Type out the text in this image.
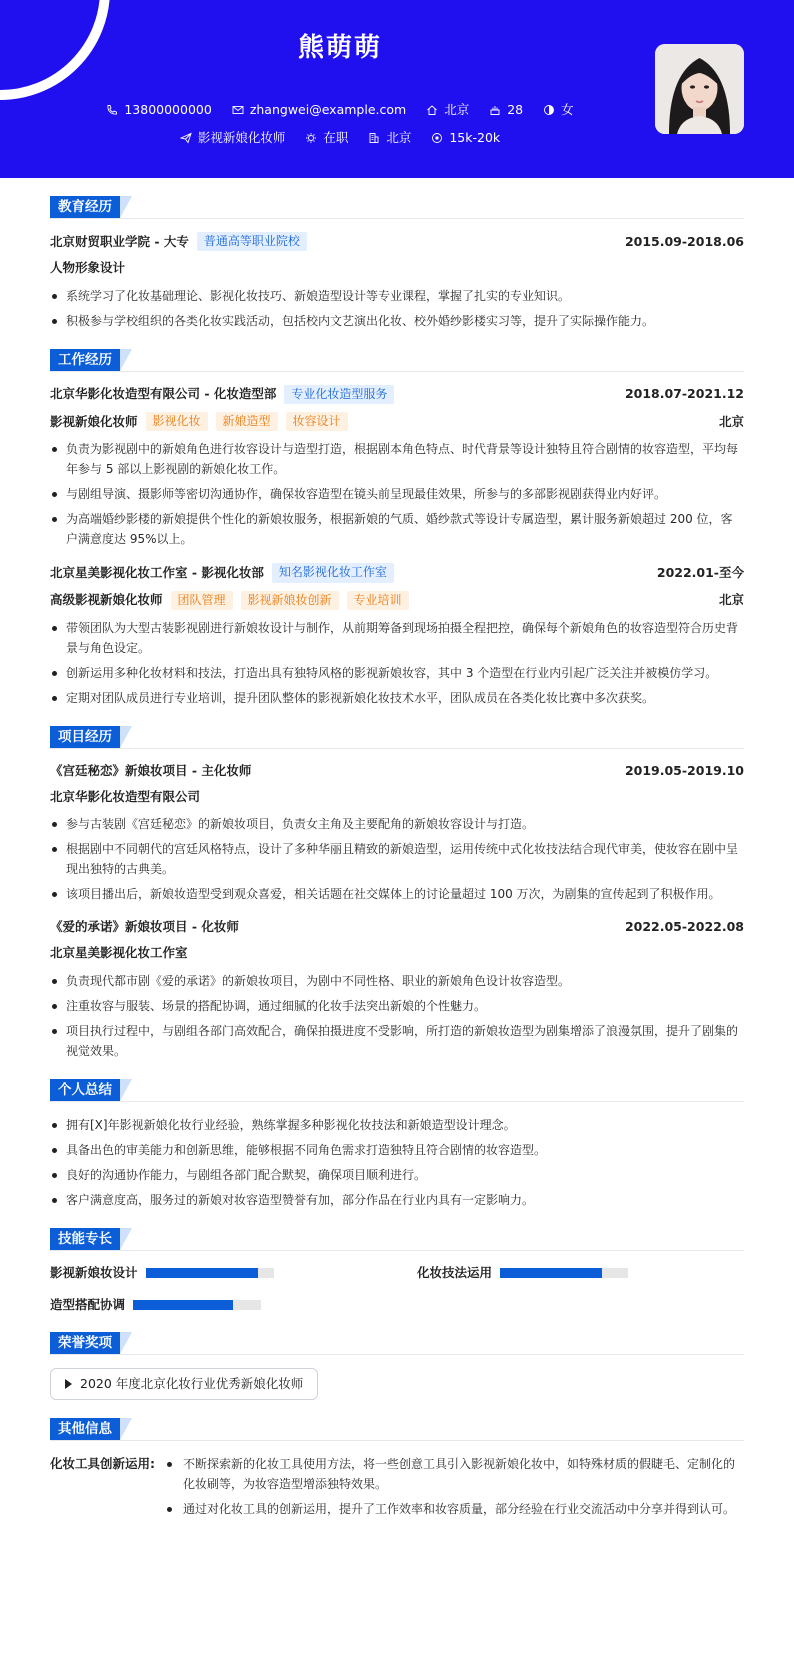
熊萌萌
13800000000	zhangwei@example.com	北京	28	女
影视新娘化妆师	在职	北京	15k-20k
教育经历
北京财贸职业学院 - 大专	普通高等职业院校	2015.09-2018.06
人物形象设计
系统学习了化妆基础理论、影视化妆技巧、新娘造型设计等专业课程，掌握了扎实的专业知识。
积极参与学校组织的各类化妆实践活动，包括校内文艺演出化妆、校外婚纱影楼实习等，提升了实际操作能力。
工作经历
北京华影化妆造型有限公司 - 化妆造型部	专业化妆造型服务	2018.07-2021.12
影视新娘化妆师	影视化妆	新娘造型	妆容设计	北京
负责为影视剧中的新娘角色进行妆容设计与造型打造，根据剧本角色特点、时代背景等设计独特且符合剧情的妆容造型，平均每年参与 5 部以上影视剧的新娘化妆工作。
与剧组导演、摄影师等密切沟通协作，确保妆容造型在镜头前呈现最佳效果，所参与的多部影视剧获得业内好评。
为高端婚纱影楼的新娘提供个性化的新娘妆服务，根据新娘的气质、婚纱款式等设计专属造型，累计服务新娘超过 200 位，客户满意度达 95%以上。
北京星美影视化妆工作室 - 影视化妆部	知名影视化妆工作室	2022.01-至今
高级影视新娘化妆师	团队管理	影视新娘妆创新	专业培训	北京
带领团队为大型古装影视剧进行新娘妆设计与制作，从前期筹备到现场拍摄全程把控，确保每个新娘角色的妆容造型符合历史背景与角色设定。
创新运用多种化妆材料和技法，打造出具有独特风格的影视新娘妆容，其中 3 个造型在行业内引起广泛关注并被模仿学习。
定期对团队成员进行专业培训，提升团队整体的影视新娘化妆技术水平，团队成员在各类化妆比赛中多次获奖。
项目经历
《宫廷秘恋》新娘妆项目 - 主化妆师	2019.05-2019.10
北京华影化妆造型有限公司
参与古装剧《宫廷秘恋》的新娘妆项目，负责女主角及主要配角的新娘妆容设计与打造。
根据剧中不同朝代的宫廷风格特点，设计了多种华丽且精致的新娘造型，运用传统中式化妆技法结合现代审美，使妆容在剧中呈现出独特的古典美。
该项目播出后，新娘妆造型受到观众喜爱，相关话题在社交媒体上的讨论量超过 100 万次，为剧集的宣传起到了积极作用。
《爱的承诺》新娘妆项目 - 化妆师	2022.05-2022.08
北京星美影视化妆工作室
负责现代都市剧《爱的承诺》的新娘妆项目，为剧中不同性格、职业的新娘角色设计妆容造型。
注重妆容与服装、场景的搭配协调，通过细腻的化妆手法突出新娘的个性魅力。
项目执行过程中，与剧组各部门高效配合，确保拍摄进度不受影响，所打造的新娘妆造型为剧集增添了浪漫氛围，提升了剧集的视觉效果。
个人总结
拥有[X]年影视新娘化妆行业经验，熟练掌握多种影视化妆技法和新娘造型设计理念。
具备出色的审美能力和创新思维，能够根据不同角色需求打造独特且符合剧情的妆容造型。
良好的沟通协作能力，与剧组各部门配合默契，确保项目顺利进行。
客户满意度高，服务过的新娘对妆容造型赞誉有加，部分作品在行业内具有一定影响力。
技能专长
影视新娘妆设计	化妆技法运用
造型搭配协调
荣誉奖项
2020 年度北京化妆行业优秀新娘化妆师
其他信息
化妆工具创新运用:	不断探索新的化妆工具使用方法，将一些创意工具引入影视新娘化妆中，如特殊材质的假睫毛、定制化的化妆刷等，为妆容造型增添独特效果。
通过对化妆工具的创新运用，提升了工作效率和妆容质量，部分经验在行业交流活动中分享并得到认可。
